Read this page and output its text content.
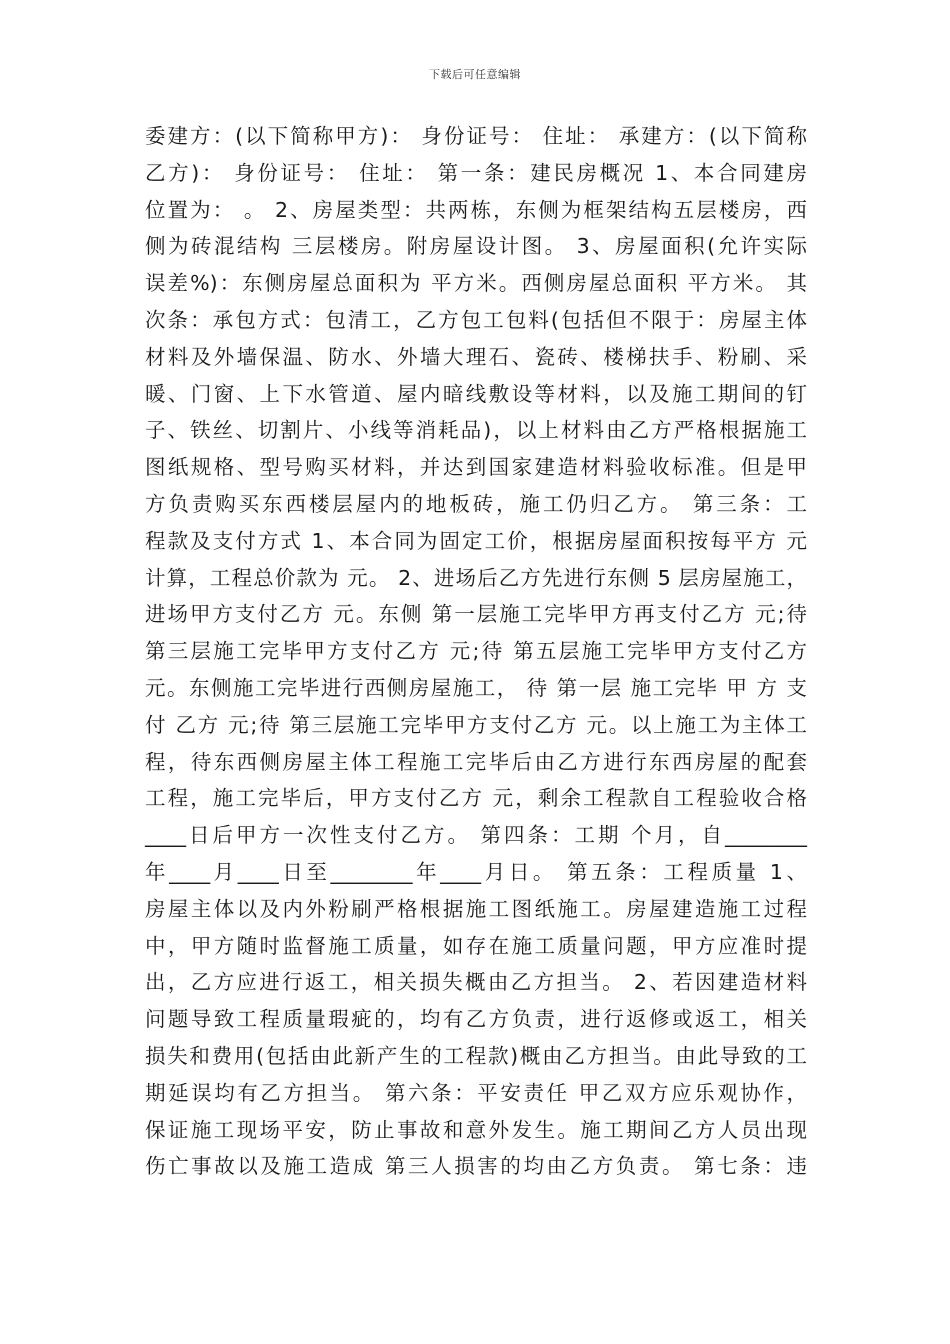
下载后可任意编辑
委建方：(以下简称甲方)： 身份证号： 住址： 承建方：(以下简称
乙方)： 身份证号： 住址： 第一条：建民房概况 1、本合同建房
位置为： 。 2、房屋类型：共两栋，东侧为框架结构五层楼房，西
侧为砖混结构 三层楼房。附房屋设计图。 3、房屋面积(允许实际
误差%)：东侧房屋总面积为 平方米。西侧房屋总面积 平方米。 其
次条：承包方式：包清工，乙方包工包料(包括但不限于：房屋主体
材料及外墙保温、防水、外墙大理石、瓷砖、楼梯扶手、粉刷、采
暖、门窗、上下水管道、屋内暗线敷设等材料，以及施工期间的钉
子、铁丝、切割片、小线等消耗品)，以上材料由乙方严格根据施工
图纸规格、型号购买材料，并达到国家建造材料验收标准。但是甲
方负责购买东西楼层屋内的地板砖，施工仍归乙方。 第三条：工
程款及支付方式 1、本合同为固定工价，根据房屋面积按每平方 元
计算，工程总价款为 元。 2、进场后乙方先进行东侧 5 层房屋施工，
进场甲方支付乙方 元。东侧 第一层施工完毕甲方再支付乙方 元;待
第三层施工完毕甲方支付乙方 元;待 第五层施工完毕甲方支付乙方
元。东侧施工完毕进行西侧房屋施工， 待 第一层 施工完毕 甲 方 支
付 乙方 元;待 第三层施工完毕甲方支付乙方 元。以上施工为主体工
程，待东西侧房屋主体工程施工完毕后由乙方进行东西房屋的配套
工程，施工完毕后，甲方支付乙方 元，剩余工程款自工程验收合格
____日后甲方一次性支付乙方。 第四条：工期 个月，自________
年____月____日至________年____月日。 第五条：工程质量 1、
房屋主体以及内外粉刷严格根据施工图纸施工。房屋建造施工过程
中，甲方随时监督施工质量，如存在施工质量问题，甲方应准时提
出，乙方应进行返工，相关损失概由乙方担当。 2、若因建造材料
问题导致工程质量瑕疵的，均有乙方负责，进行返修或返工，相关
损失和费用(包括由此新产生的工程款)概由乙方担当。由此导致的工
期延误均有乙方担当。 第六条：平安责任 甲乙双方应乐观协作，
保证施工现场平安，防止事故和意外发生。施工期间乙方人员出现
伤亡事故以及施工造成 第三人损害的均由乙方负责。 第七条：违
